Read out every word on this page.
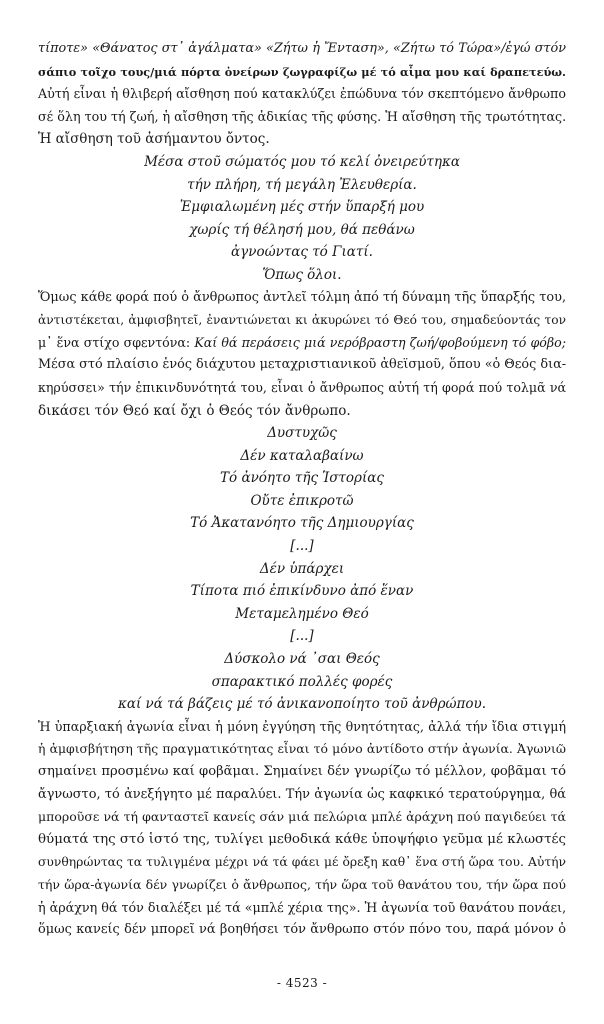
τίποτε» «Θάνατος στ᾽ ἀγάλματα» «Ζήτω ἡ Ἔνταση», «Ζήτω τό Τώρα»/ἐγώ στόν
σάπιο τοῖχο τους/μιά πόρτα ὀνείρων ζωγραφίζω μέ τό αἷμα μου καί δραπετεύω.
Αὐτή εἶναι ἡ θλιβερή αἴσθηση πού κατακλύζει ἐπώδυνα τόν σκεπτόμενο ἄνθρωπο
σέ ὅλη του τή ζωή, ἡ αἴσθηση τῆς ἀδικίας τῆς φύσης. Ἡ αἴσθηση τῆς τρωτότητας.
Ἡ αἴσθηση τοῦ ἀσήμαντου ὄντος.
Μέσα στοῦ σώματός μου τό κελί ὀνειρεύτηκα
τήν πλήρη, τή μεγάλη Ἐλευθερία.
Ἐμφιαλωμένη μές στήν ὕπαρξή μου
χωρίς τή θέλησή μου, θά πεθάνω
ἀγνοώντας τό Γιατί.
Ὅπως ὅλοι.
Ὅμως κάθε φορά πού ὁ ἄνθρωπος ἀντλεῖ τόλμη ἀπό τή δύναμη τῆς ὕπαρξής του,
ἀντιστέκεται, ἀμφισβητεῖ, ἐναντιώνεται κι ἀκυρώνει τό Θεό του, σημαδεύοντάς τον
μ᾽ ἕνα στίχο σφεντόνα: Καί θά περάσεις μιά νερόβραστη ζωή/φοβούμενη τό φόβο;
Μέσα στό πλαίσιο ἑνός διάχυτου μεταχριστιανικοῦ ἀθεϊσμοῦ, ὅπου «ὁ Θεός δια-
κηρύσσει» τήν ἐπικινδυνότητά του, εἶναι ὁ ἄνθρωπος αὐτή τή φορά πού τολμᾶ νά
δικάσει τόν Θεό καί ὄχι ὁ Θεός τόν ἄνθρωπο.
Δυστυχῶς
Δέν καταλαβαίνω
Τό ἀνόητο τῆς Ἱστορίας
Οὔτε ἐπικροτῶ
Τό Ἀκατανόητο τῆς Δημιουργίας
[...]
Δέν ὑπάρχει
Τίποτα πιό ἐπικίνδυνο ἀπό ἕναν
Μεταμελημένο Θεό
[...]
Δύσκολο νά ᾽σαι Θεός
σπαρακτικό πολλές φορές
καί νά τά βάζεις μέ τό ἀνικανοποίητο τοῦ ἀνθρώπου.
Ἡ ὑπαρξιακή ἀγωνία εἶναι ἡ μόνη ἐγγύηση τῆς θνητότητας, ἀλλά τήν ἴδια στιγμή
ἡ ἀμφισβήτηση τῆς πραγματικότητας εἶναι τό μόνο ἀντίδοτο στήν ἀγωνία. Ἀγωνιῶ
σημαίνει προσμένω καί φοβᾶμαι. Σημαίνει δέν γνωρίζω τό μέλλον, φοβᾶμαι τό
ἄγνωστο, τό ἀνεξήγητο μέ παραλύει. Τήν ἀγωνία ὡς καφκικό τερατούργημα, θά
μποροῦσε νά τή φανταστεῖ κανείς σάν μιά πελώρια μπλέ ἀράχνη πού παγιδεύει τά
θύματά της στό ἱστό της, τυλίγει μεθοδικά κάθε ὑποψήφιο γεῦμα μέ κλωστές
συνθηρώντας τα τυλιγμένα μέχρι νά τά φάει μέ ὄρεξη καθ᾽ ἕνα στή ὥρα του. Αὐτήν
τήν ὥρα-ἀγωνία δέν γνωρίζει ὁ ἄνθρωπος, τήν ὥρα τοῦ θανάτου του, τήν ὥρα πού
ἡ ἀράχνη θά τόν διαλέξει μέ τά «μπλέ χέρια της». Ἡ ἀγωνία τοῦ θανάτου πονάει,
ὅμως κανείς δέν μπορεῖ νά βοηθήσει τόν ἄνθρωπο στόν πόνο του, παρά μόνον ὁ
- 4523 -
